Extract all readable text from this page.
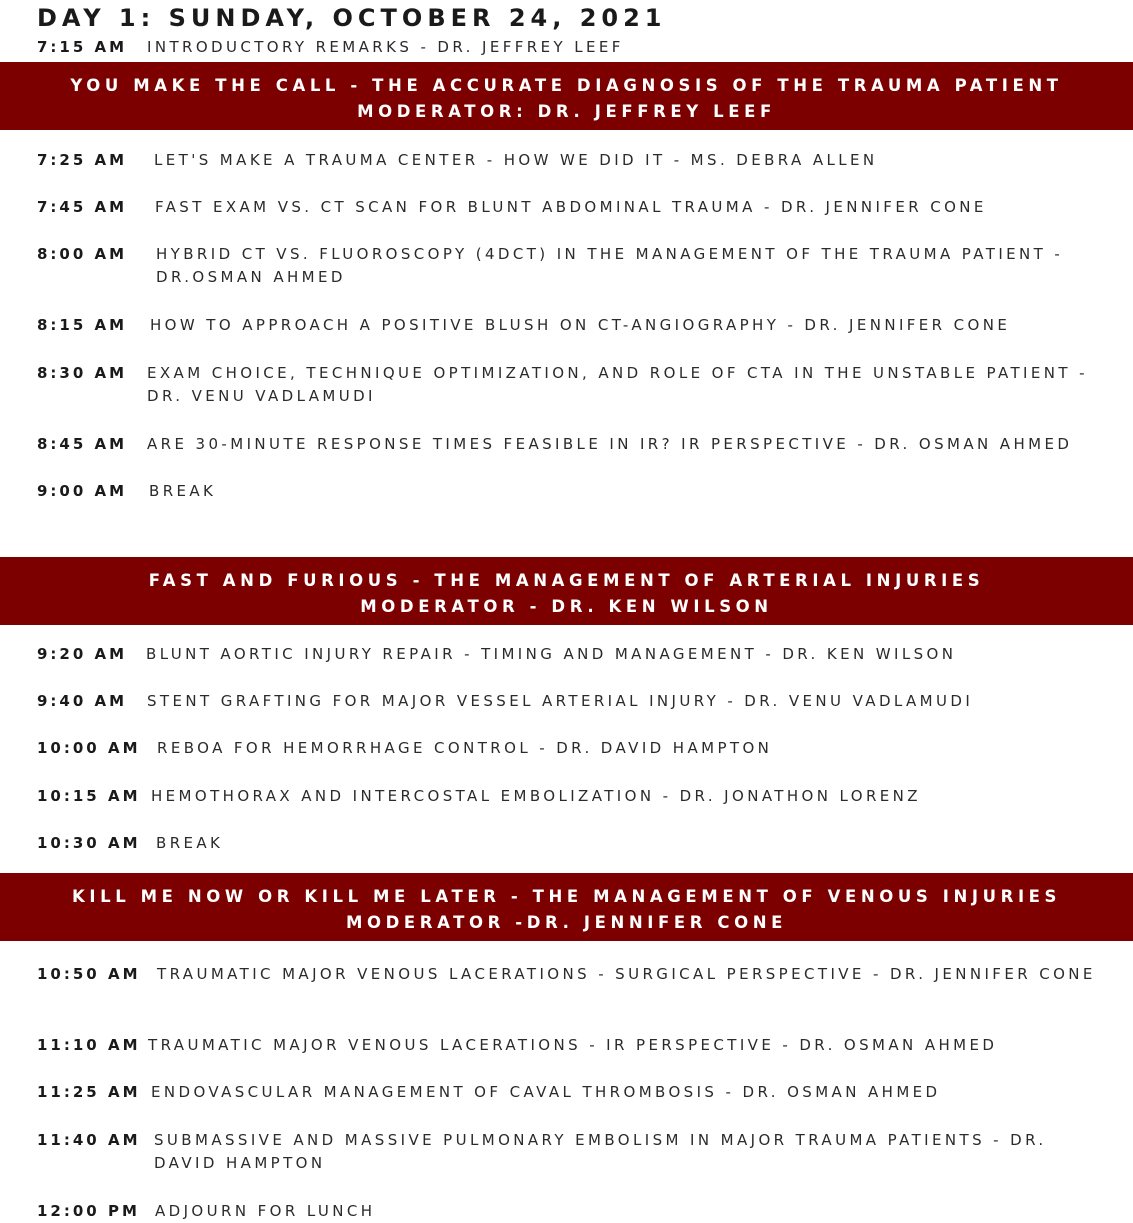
DAY 1: SUNDAY, OCTOBER 24, 2021
7:15 AM	INTRODUCTORY REMARKS - DR. JEFFREY LEEF
YOU MAKE THE CALL - THE ACCURATE DIAGNOSIS OF THE TRAUMA PATIENT
MODERATOR: DR. JEFFREY LEEF
7:25 AM	LET'S MAKE A TRAUMA CENTER - HOW WE DID IT - MS. DEBRA ALLEN
7:45 AM	FAST EXAM VS. CT SCAN FOR BLUNT ABDOMINAL TRAUMA - DR. JENNIFER CONE
8:00 AM	HYBRID CT VS. FLUOROSCOPY (4DCT) IN THE MANAGEMENT OF THE TRAUMA PATIENT - DR.OSMAN AHMED
8:15 AM	HOW TO APPROACH A POSITIVE BLUSH ON CT-ANGIOGRAPHY - DR. JENNIFER CONE
8:30 AM	EXAM CHOICE, TECHNIQUE OPTIMIZATION, AND ROLE OF CTA IN THE UNSTABLE PATIENT - DR. VENU VADLAMUDI
8:45 AM	ARE 30-MINUTE RESPONSE TIMES FEASIBLE IN IR? IR PERSPECTIVE - DR. OSMAN AHMED
9:00 AM	BREAK
FAST AND FURIOUS - THE MANAGEMENT OF ARTERIAL INJURIES
MODERATOR - DR. KEN WILSON
9:20 AM	BLUNT AORTIC INJURY REPAIR - TIMING AND MANAGEMENT - DR. KEN WILSON
9:40 AM	STENT GRAFTING FOR MAJOR VESSEL ARTERIAL INJURY - DR. VENU VADLAMUDI
10:00 AM	REBOA FOR HEMORRHAGE CONTROL - DR. DAVID HAMPTON
10:15 AM HEMOTHORAX AND INTERCOSTAL EMBOLIZATION - DR. JONATHON LORENZ
10:30 AM	BREAK
KILL ME NOW OR KILL ME LATER - THE MANAGEMENT OF VENOUS INJURIES
MODERATOR -DR. JENNIFER CONE
10:50 AM	TRAUMATIC MAJOR VENOUS LACERATIONS - SURGICAL PERSPECTIVE - DR. JENNIFER CONE
11:10 AM TRAUMATIC MAJOR VENOUS LACERATIONS - IR PERSPECTIVE - DR. OSMAN AHMED
11:25 AM ENDOVASCULAR MANAGEMENT OF CAVAL THROMBOSIS - DR. OSMAN AHMED
11:40 AM SUBMASSIVE AND MASSIVE PULMONARY EMBOLISM IN MAJOR TRAUMA PATIENTS - DR. DAVID HAMPTON
12:00 PM	ADJOURN FOR LUNCH
